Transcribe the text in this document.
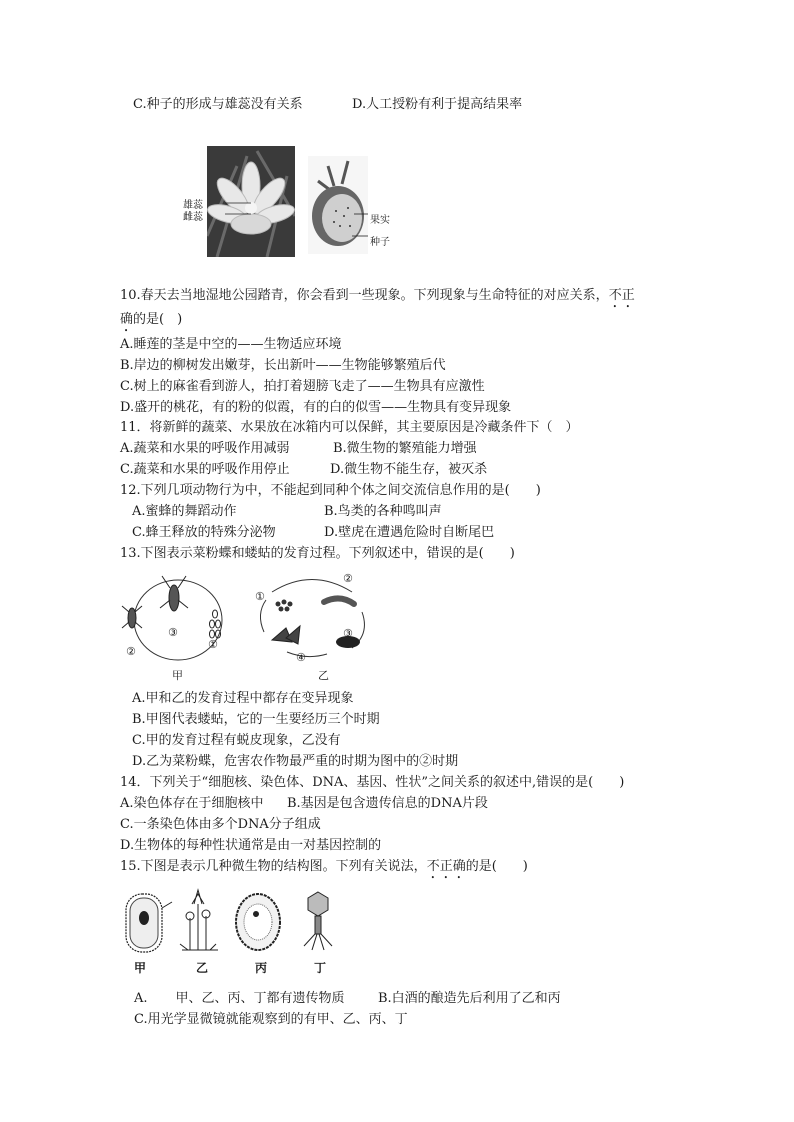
C.种子的形成与雄蕊没有关系	D.人工授粉有利于提高结果率
雄蕊
雌蕊	果实
种子
10.春天去当地湿地公园踏青，你会看到一些现象。下列现象与生命特征的对应关系，不正
确的是(　)
A.睡莲的茎是中空的——生物适应环境
B.岸边的柳树发出嫩芽，长出新叶——生物能够繁殖后代
C.树上的麻雀看到游人，拍打着翅膀飞走了——生物具有应激性
D.盛开的桃花，有的粉的似霞，有的白的似雪——生物具有变异现象
11．将新鲜的蔬菜、水果放在冰箱内可以保鲜，其主要原因是冷藏条件下（　）
A.蔬菜和水果的呼吸作用减弱	B.微生物的繁殖能力增强
C.蔬菜和水果的呼吸作用停止	D.微生物不能生存，被灭杀
12.下列几项动物行为中，不能起到同种个体之间交流信息作用的是(　　)
A.蜜蜂的舞蹈动作	B.鸟类的各种鸣叫声
C.蜂王释放的特殊分泌物	D.壁虎在遭遇危险时自断尾巴
13.下图表示菜粉蝶和蝼蛄的发育过程。下列叙述中，错误的是(　　)
③
②
①
甲
②
①
③
④
乙
A.甲和乙的发育过程中都存在变异现象
B.甲图代表蝼蛄，它的一生要经历三个时期
C.甲的发育过程有蜕皮现象，乙没有
D.乙为菜粉蝶，危害农作物最严重的时期为图中的②时期
14．下列关于“细胞核、染色体、DNA、基因、性状”之间关系的叙述中,错误的是(　　)
A.染色体存在于细胞核中 B.基因是包含遗传信息的DNA片段
C.一条染色体由多个DNA分子组成
D.生物体的每种性状通常是由一对基因控制的
15.下图是表示几种微生物的结构图。下列有关说法，不正确的是(　　)
甲	乙	丙	丁
A. 甲、乙、丙、丁都有遗传物质	B.白酒的酿造先后利用了乙和丙
C.用光学显微镜就能观察到的有甲、乙、丙、丁
